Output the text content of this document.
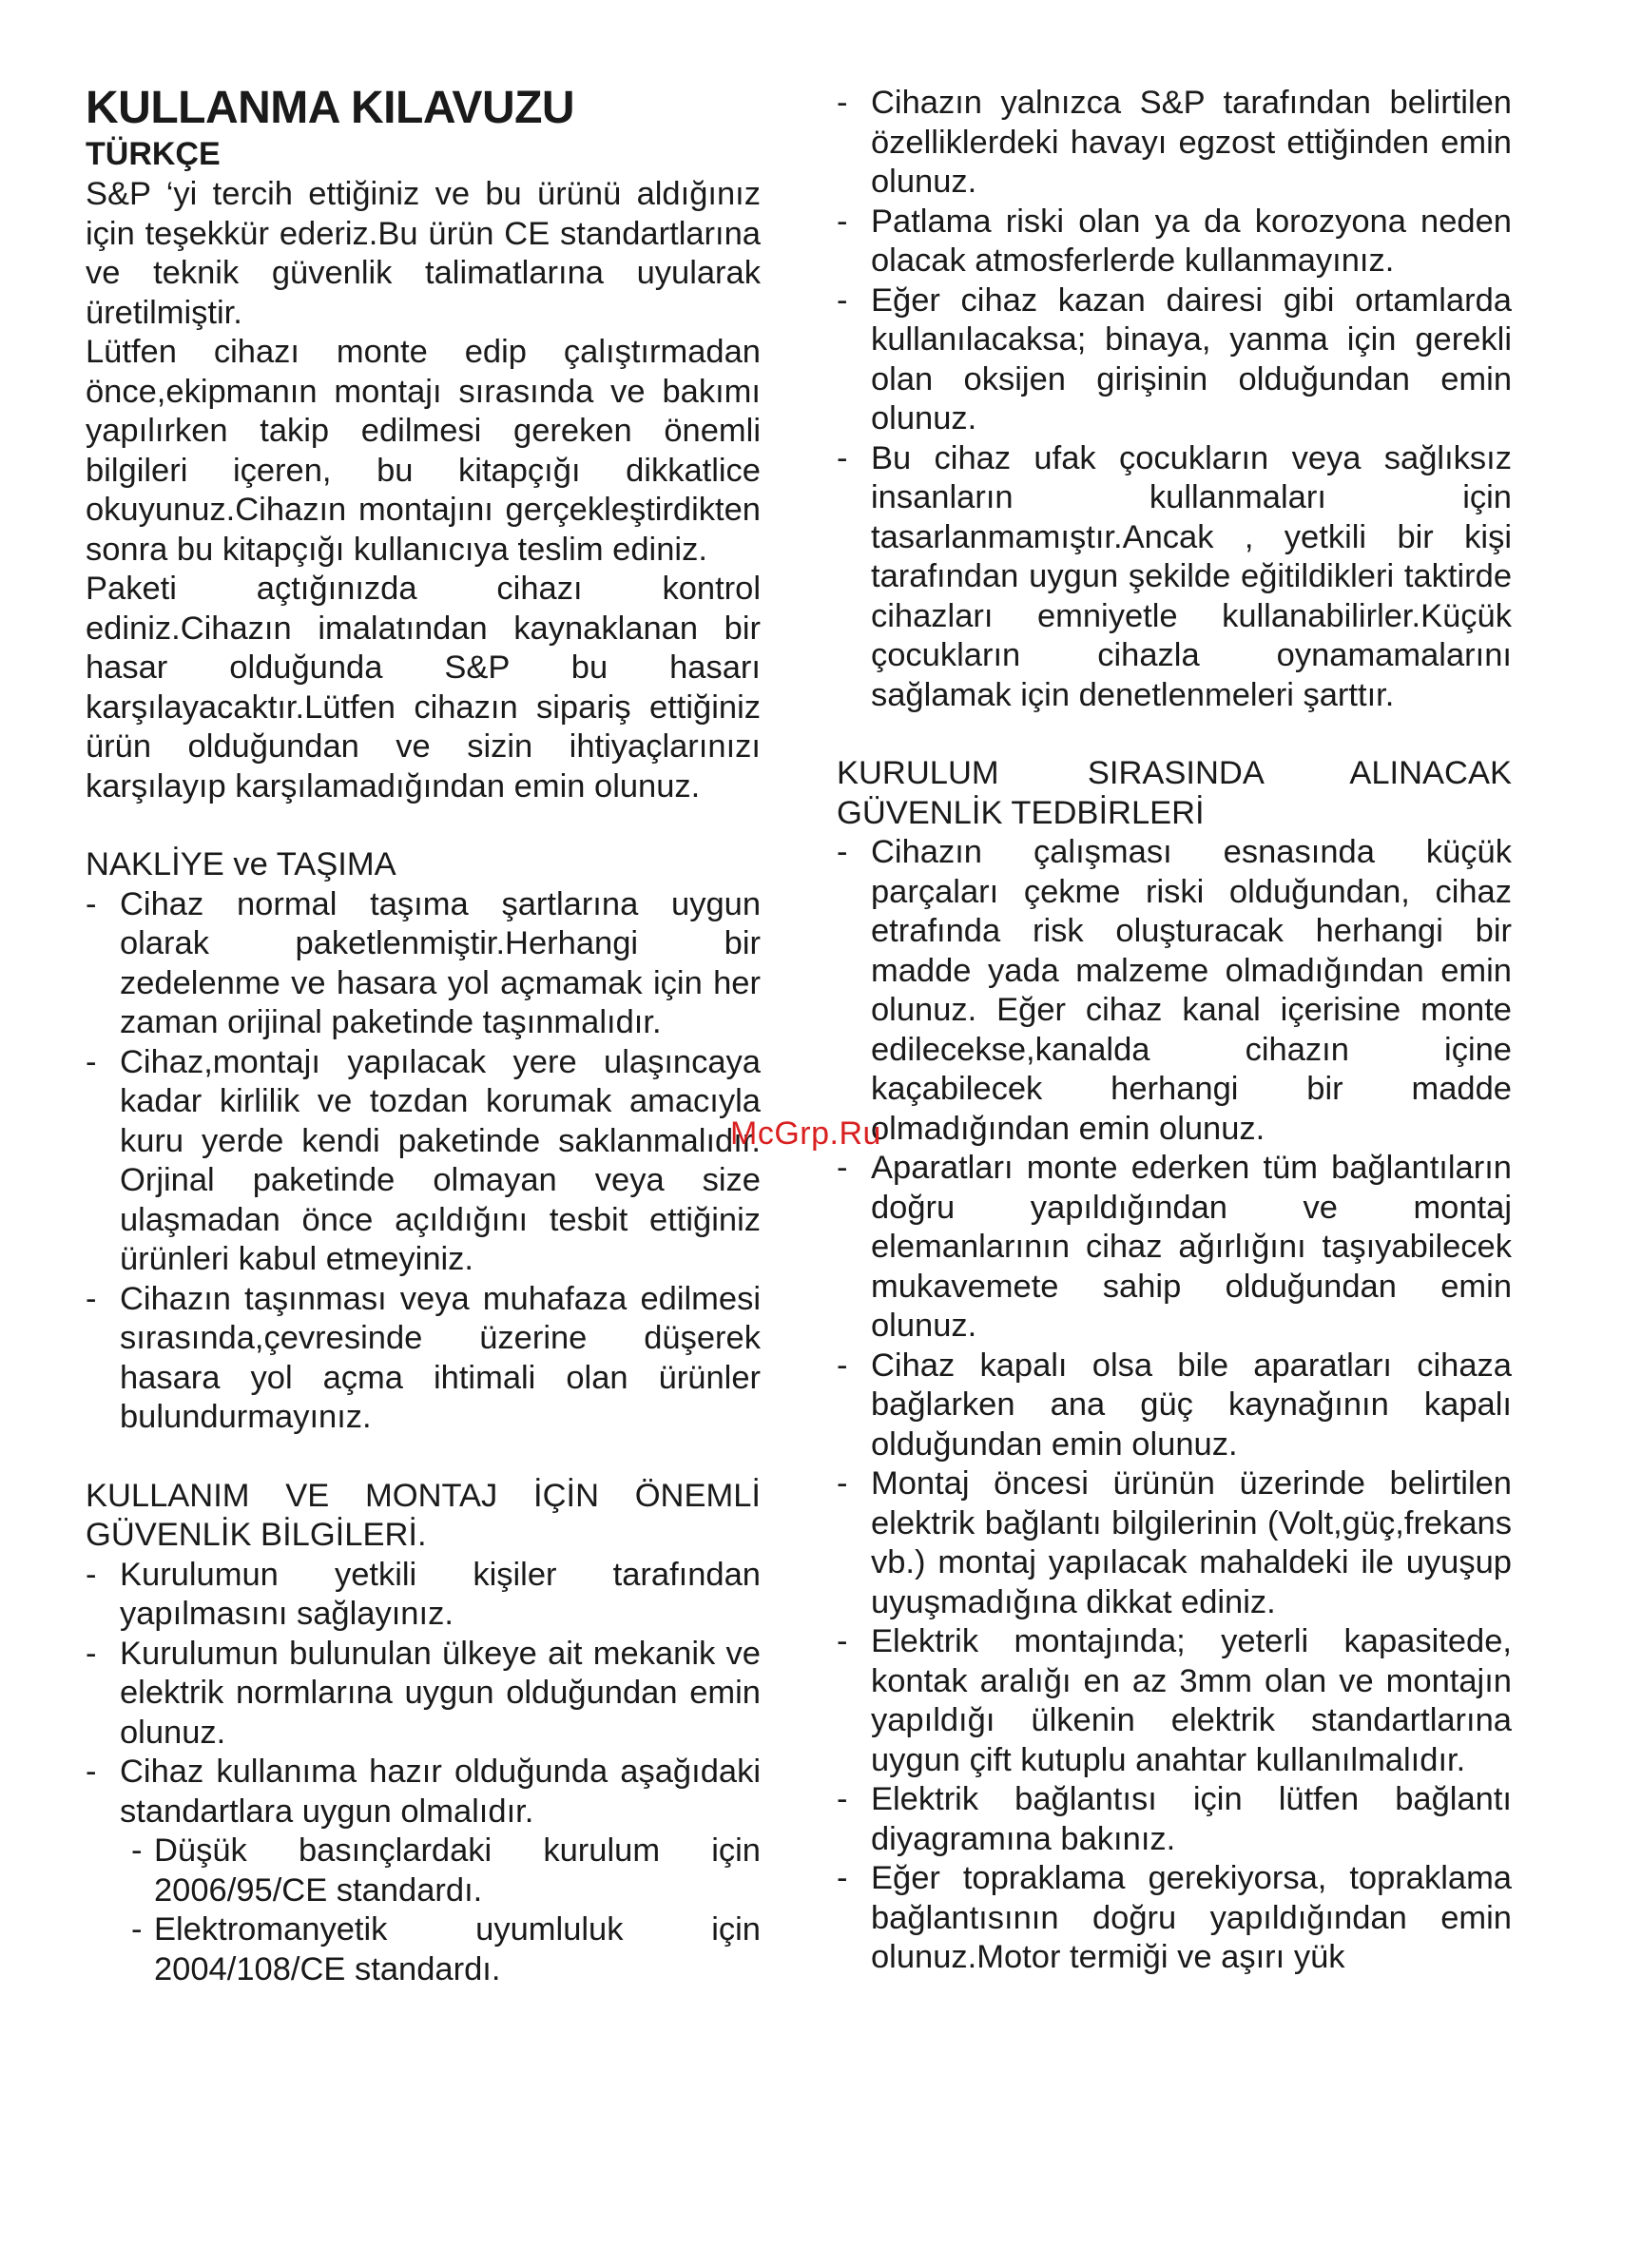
KULLANMA KILAVUZU
TÜRKÇE

S&P ‘yi tercih ettiğiniz ve bu ürünü aldığınız için teşekkür ederiz.Bu ürün CE standartlarına ve teknik güvenlik talimatlarına uyularak üretilmiştir.

Lütfen cihazı monte edip çalıştırmadan önce,ekipmanın montajı sırasında ve bakımı yapılırken takip edilmesi gereken önemli bilgileri içeren, bu kitapçığı dikkatlice okuyunuz.Cihazın montajını gerçekleştirdikten sonra bu kitapçığı kullanıcıya teslim ediniz.

Paketi açtığınızda cihazı kontrol ediniz.Cihazın imalatından kaynaklanan bir hasar olduğunda S&P bu hasarı karşılayacaktır.Lütfen cihazın sipariş ettiğiniz ürün olduğundan ve sizin ihtiyaçlarınızı karşılayıp karşılamadığından emin olunuz.

NAKLİYE ve TAŞIMA

- Cihaz normal taşıma şartlarına uygun olarak paketlenmiştir.Herhangi bir zedelenme ve hasara yol açmamak için her zaman orijinal paketinde taşınmalıdır.
- Cihaz,montajı yapılacak yere ulaşıncaya kadar kirlilik ve tozdan korumak amacıyla kuru yerde kendi paketinde saklanmalıdır. Orjinal paketinde olmayan veya size ulaşmadan önce açıldığını tesbit ettiğiniz ürünleri kabul etmeyiniz.
- Cihazın taşınması veya muhafaza edilmesi sırasında,çevresinde üzerine düşerek hasara yol açma ihtimali olan ürünler bulundurmayınız.

KULLANIM VE MONTAJ İÇİN ÖNEMLİ GÜVENLİK BİLGİLERİ.

- Kurulumun yetkili kişiler tarafından yapılmasını sağlayınız.
- Kurulumun bulunulan ülkeye ait mekanik ve elektrik normlarına uygun olduğundan emin olunuz.
- Cihaz kullanıma hazır olduğunda aşağıdaki standartlara uygun olmalıdır.
- Düşük basınçlardaki kurulum için 2006/95/CE standardı.
- Elektromanyetik uyumluluk için 2004/108/CE standardı.
- Cihazın yalnızca S&P tarafından belirtilen özelliklerdeki havayı egzost ettiğinden emin olunuz.
- Patlama riski olan ya da korozyona neden olacak atmosferlerde kullanmayınız.
- Eğer cihaz kazan dairesi gibi ortamlarda kullanılacaksa; binaya, yanma için gerekli olan oksijen girişinin olduğundan emin olunuz.
- Bu cihaz ufak çocukların veya sağlıksız insanların kullanmaları için tasarlanmamıştır.Ancak , yetkili bir kişi tarafından uygun şekilde eğitildikleri taktirde cihazları emniyetle kullanabilirler.Küçük çocukların cihazla oynamamalarını sağlamak için denetlenmeleri şarttır.

KURULUM SIRASINDA ALINACAK GÜVENLİK TEDBİRLERİ

- Cihazın çalışması esnasında küçük parçaları çekme riski olduğundan, cihaz etrafında risk oluşturacak herhangi bir madde yada malzeme olmadığından emin olunuz. Eğer cihaz kanal içerisine monte edilecekse,kanalda cihazın içine kaçabilecek herhangi bir madde olmadığından emin olunuz.
- Aparatları monte ederken tüm bağlantıların doğru yapıldığından ve montaj elemanlarının cihaz ağırlığını taşıyabilecek mukavemete sahip olduğundan emin olunuz.
- Cihaz kapalı olsa bile aparatları cihaza bağlarken ana güç kaynağının kapalı olduğundan emin olunuz.
- Montaj öncesi ürünün üzerinde belirtilen elektrik bağlantı bilgilerinin (Volt,güç,frekans vb.) montaj yapılacak mahaldeki ile uyuşup uyuşmadığına dikkat ediniz.
- Elektrik montajında; yeterli kapasitede, kontak aralığı en az 3mm olan ve montajın yapıldığı ülkenin elektrik standartlarına uygun çift kutuplu anahtar kullanılmalıdır.
- Elektrik bağlantısı için lütfen bağlantı diyagramına bakınız.
- Eğer topraklama gerekiyorsa, topraklama bağlantısının doğru yapıldığından emin olunuz.Motor termiği ve aşırı yük
McGrp.Ru
